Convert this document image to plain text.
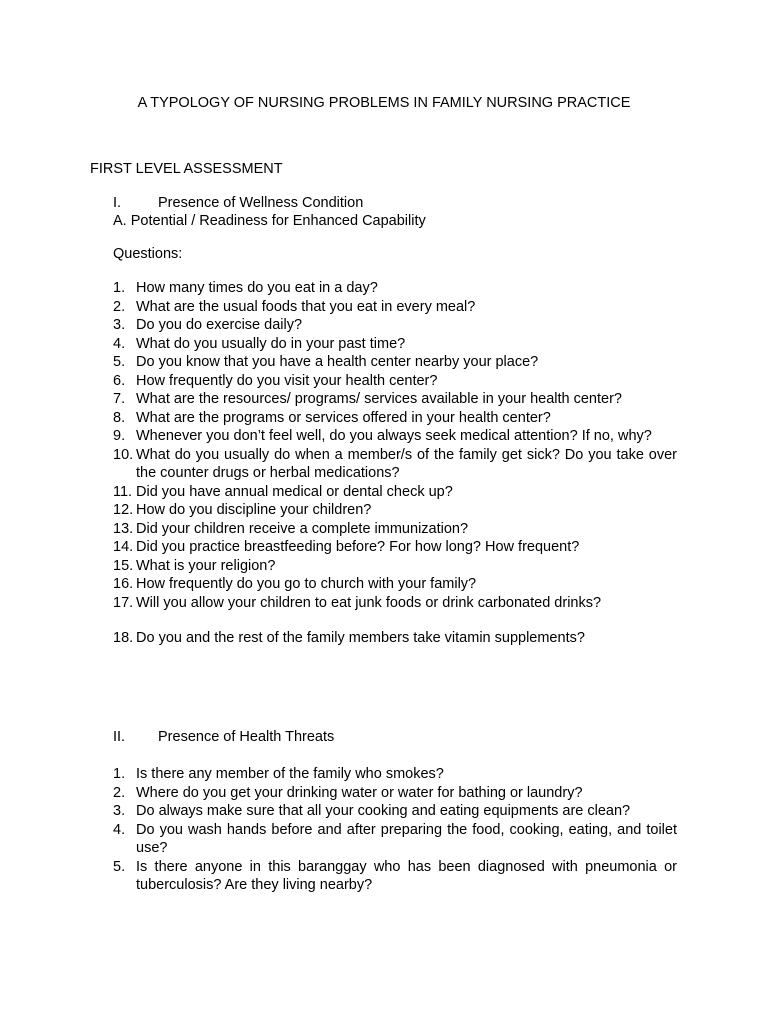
A TYPOLOGY OF NURSING PROBLEMS IN FAMILY NURSING PRACTICE
FIRST LEVEL ASSESSMENT
I.	Presence of Wellness Condition
A. Potential / Readiness for Enhanced Capability
Questions:
1. How many times do you eat in a day?
2. What are the usual foods that you eat in every meal?
3. Do you do exercise daily?
4. What do you usually do in your past time?
5. Do you know that you have a health center nearby your place?
6. How frequently do you visit your health center?
7. What are the resources/ programs/ services available in your health center?
8. What are the programs or services offered in your health center?
9. Whenever you don’t feel well, do you always seek medical attention? If no, why?
10. What do you usually do when a member/s of the family get sick? Do you take over the counter drugs or herbal medications?
11. Did you have annual medical or dental check up?
12. How do you discipline your children?
13. Did your children receive a complete immunization?
14. Did you practice breastfeeding before? For how long? How frequent?
15. What is your religion?
16. How frequently do you go to church with your family?
17. Will you allow your children to eat junk foods or drink carbonated drinks?
18. Do you and the rest of the family members take vitamin supplements?
II. Presence of Health Threats
1. Is there any member of the family who smokes?
2. Where do you get your drinking water or water for bathing or laundry?
3. Do always make sure that all your cooking and eating equipments are clean?
4. Do you wash hands before and after preparing the food, cooking, eating, and toilet use?
5. Is there anyone in this baranggay who has been diagnosed with pneumonia or tuberculosis? Are they living nearby?
